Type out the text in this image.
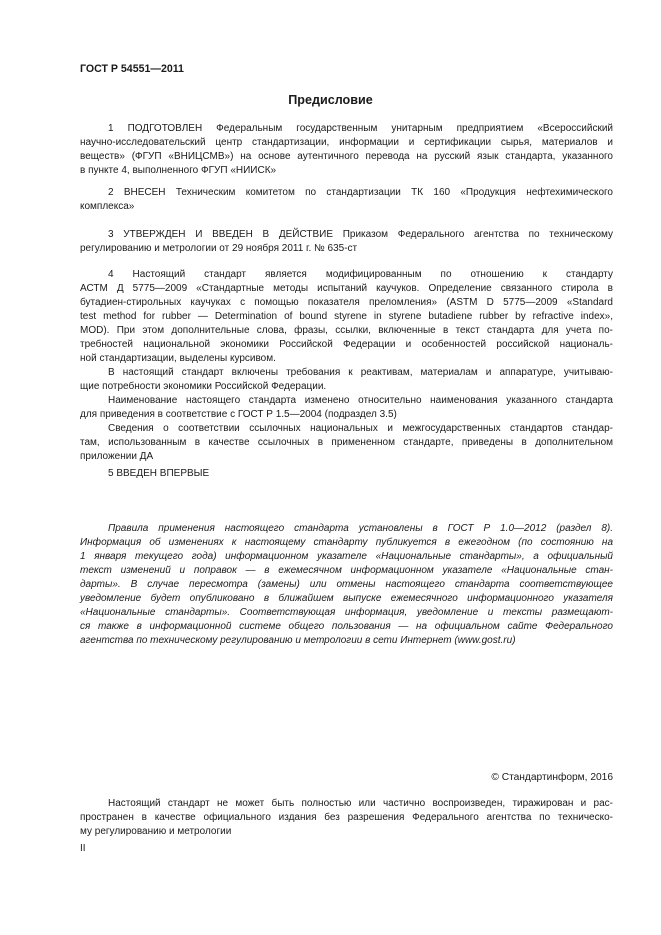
ГОСТ Р 54551—2011
Предисловие
1 ПОДГОТОВЛЕН Федеральным государственным унитарным предприятием «Всероссийский
научно-исследовательский центр стандартизации, информации и сертификации сырья, материалов и
веществ» (ФГУП «ВНИЦСМВ») на основе аутентичного перевода на русский язык стандарта, указанного
в пункте 4, выполненного ФГУП «НИИСК»
2 ВНЕСЕН Техническим комитетом по стандартизации ТК 160 «Продукция нефтехимического
комплекса»
3 УТВЕРЖДЕН И ВВЕДЕН В ДЕЙСТВИЕ Приказом Федерального агентства по техническому
регулированию и метрологии от 29 ноября 2011 г. № 635-ст
4 Настоящий стандарт является модифицированным по отношению к стандарту
АСТМ Д 5775—2009 «Стандартные методы испытаний каучуков. Определение связанного стирола в
бутадиен-стирольных каучуках с помощью показателя преломления» (ASTM D 5775—2009 «Standard
test method for rubber — Determination of bound styrene in styrene butadiene rubber by refractive index»,
MOD). При этом дополнительные слова, фразы, ссылки, включенные в текст стандарта для учета по-
требностей национальной экономики Российской Федерации и особенностей российской националь-
ной стандартизации, выделены курсивом.
В настоящий стандарт включены требования к реактивам, материалам и аппаратуре, учитываю-
щие потребности экономики Российской Федерации.
Наименование настоящего стандарта изменено относительно наименования указанного стандарта
для приведения в соответствие с ГОСТ Р 1.5—2004 (подраздел 3.5)
Сведения о соответствии ссылочных национальных и межгосударственных стандартов стандар-
там, использованным в качестве ссылочных в примененном стандарте, приведены в дополнительном
приложении ДА
5 ВВЕДЕН ВПЕРВЫЕ
Правила применения настоящего стандарта установлены в ГОСТ Р 1.0—2012 (раздел 8).
Информация об изменениях к настоящему стандарту публикуется в ежегодном (по состоянию на
1 января текущего года) информационном указателе «Национальные стандарты», а официальный
текст изменений и поправок — в ежемесячном информационном указателе «Национальные стан-
дарты». В случае пересмотра (замены) или отмены настоящего стандарта соответствующее
уведомление будет опубликовано в ближайшем выпуске ежемесячного информационного указателя
«Национальные стандарты». Соответствующая информация, уведомление и тексты размещают-
ся также в информационной системе общего пользования — на официальном сайте Федерального
агентства по техническому регулированию и метрологии в сети Интернет (www.gost.ru)
© Стандартинформ, 2016
Настоящий стандарт не может быть полностью или частично воспроизведен, тиражирован и рас-
пространен в качестве официального издания без разрешения Федерального агентства по техническо-
му регулированию и метрологии
II
